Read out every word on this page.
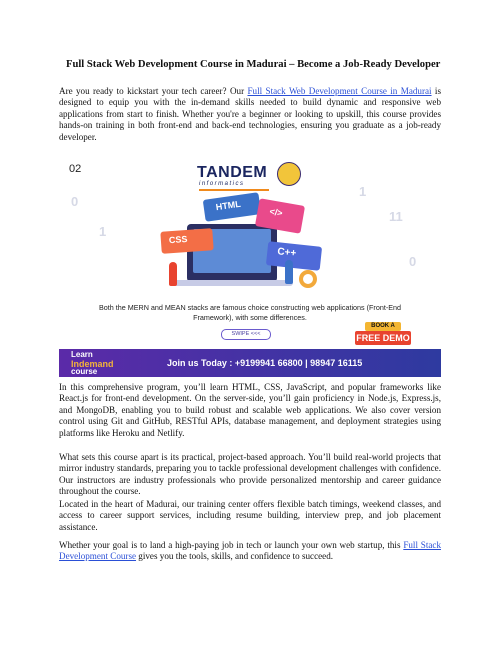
Full Stack Web Development Course in Madurai – Become a Job-Ready Developer

Are you ready to kickstart your tech career? Our Full Stack Web Development Course in Madurai is designed to equip you with the in-demand skills needed to build dynamic and responsive web applications from start to finish. Whether you're a beginner or looking to upskill, this course provides hands-on training in both front-end and back-end technologies, ensuring you graduate as a job-ready developer.

02
0
1
1
11
0
TANDEM
informatics
HTML
CSS
</>
C++
Both the MERN and MEAN stacks are famous choice constructing web applications (Front-End Framework), with some differences.
SWIPE <<<
BOOK A
FREE DEMO
Learn
Indemand
course
Join us Today : +9199941 66800 | 98947 16115

In this comprehensive program, you’ll learn HTML, CSS, JavaScript, and popular frameworks like React.js for front-end development. On the server-side, you’ll gain proficiency in Node.js, Express.js, and MongoDB, enabling you to build robust and scalable web applications. We also cover version control using Git and GitHub, RESTful APIs, database management, and deployment strategies using platforms like Heroku and Netlify.

What sets this course apart is its practical, project-based approach. You’ll build real-world projects that mirror industry standards, preparing you to tackle professional development challenges with confidence. Our instructors are industry professionals who provide personalized mentorship and career guidance throughout the course.

Located in the heart of Madurai, our training center offers flexible batch timings, weekend classes, and access to career support services, including resume building, interview prep, and job placement assistance.

Whether your goal is to land a high-paying job in tech or launch your own web startup, this Full Stack Development Course gives you the tools, skills, and confidence to succeed.
